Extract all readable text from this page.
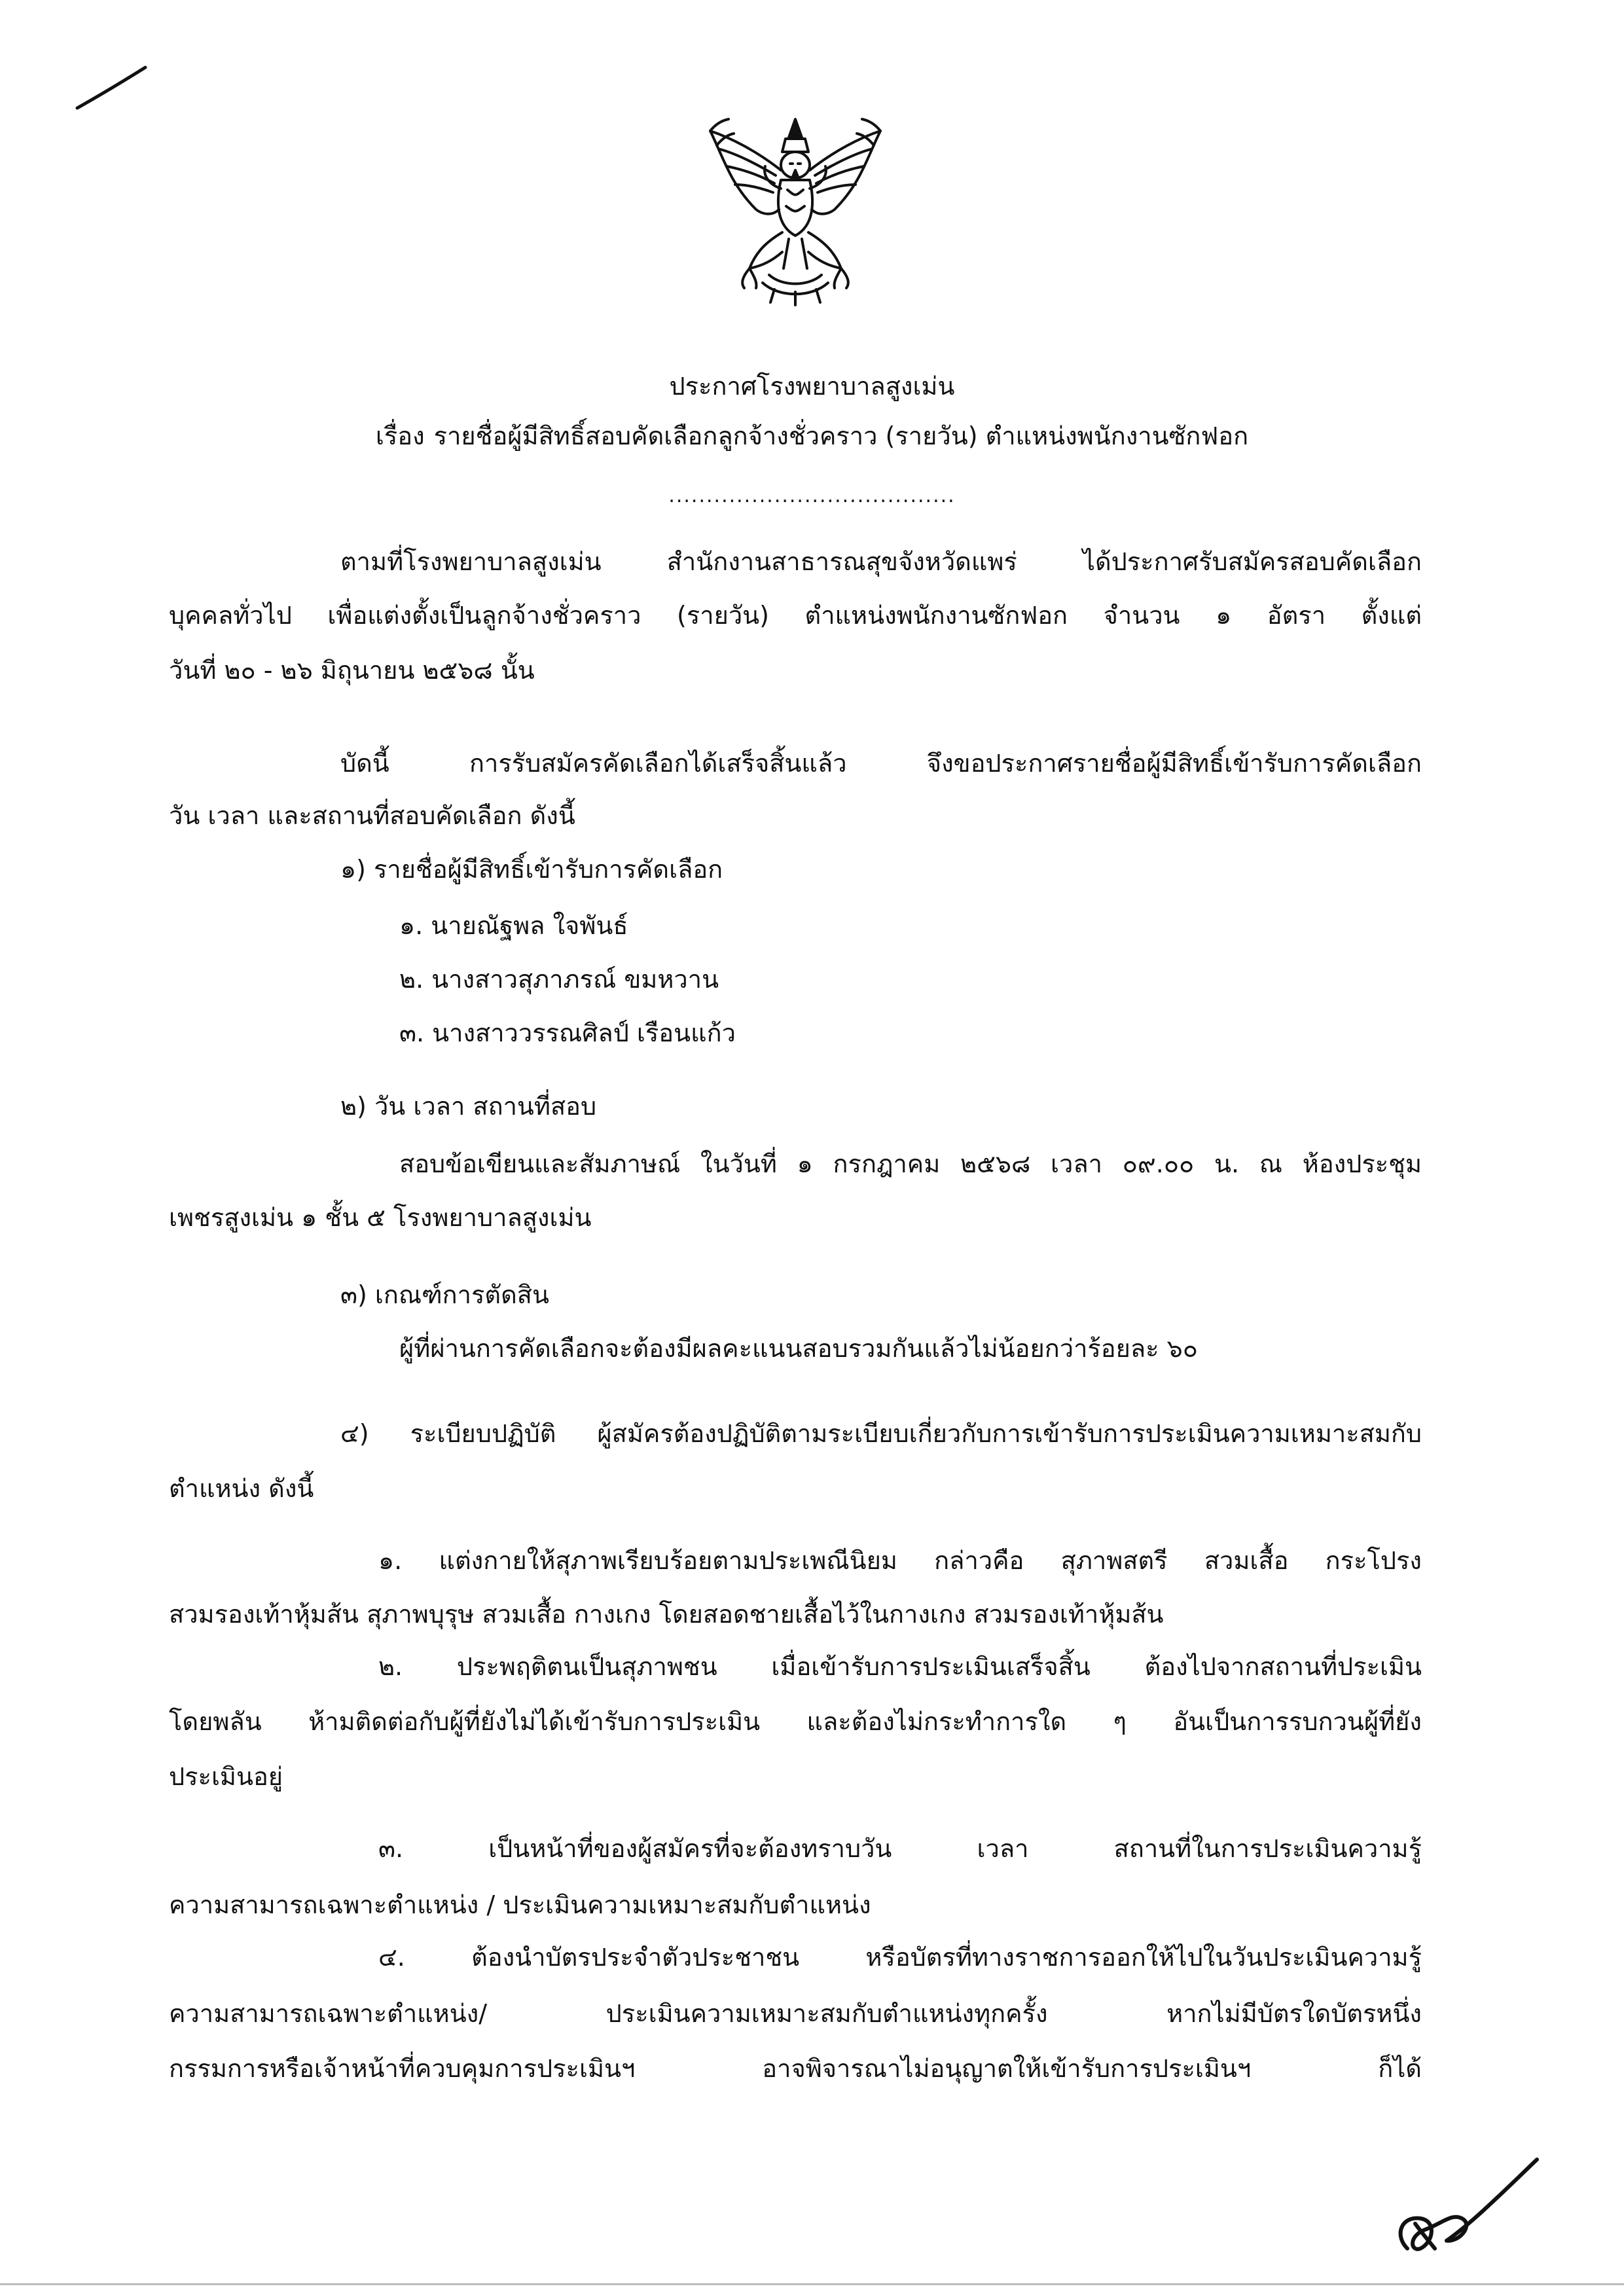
ประกาศโรงพยาบาลสูงเม่น
เรื่อง รายชื่อผู้มีสิทธิ์สอบคัดเลือกลูกจ้างชั่วคราว (รายวัน) ตำแหน่งพนักงานซักฟอก
......................................
ตามที่โรงพยาบาลสูงเม่น สำนักงานสาธารณสุขจังหวัดแพร่ ได้ประกาศรับสมัครสอบคัดเลือก
บุคคลทั่วไป เพื่อแต่งตั้งเป็นลูกจ้างชั่วคราว (รายวัน) ตำแหน่งพนักงานซักฟอก จำนวน ๑ อัตรา ตั้งแต่
วันที่ ๒๐ - ๒๖ มิถุนายน ๒๕๖๘ นั้น
บัดนี้ การรับสมัครคัดเลือกได้เสร็จสิ้นแล้ว จึงขอประกาศรายชื่อผู้มีสิทธิ์เข้ารับการคัดเลือก
วัน เวลา และสถานที่สอบคัดเลือก ดังนี้
๑) รายชื่อผู้มีสิทธิ์เข้ารับการคัดเลือก
๑. นายณัฐพล ใจพันธ์
๒. นางสาวสุภาภรณ์ ขมหวาน
๓. นางสาววรรณศิลป์ เรือนแก้ว
๒) วัน เวลา สถานที่สอบ
สอบข้อเขียนและสัมภาษณ์ ในวันที่ ๑ กรกฎาคม ๒๕๖๘ เวลา ๐๙.๐๐ น. ณ ห้องประชุม
เพชรสูงเม่น ๑ ชั้น ๕ โรงพยาบาลสูงเม่น
๓) เกณฑ์การตัดสิน
ผู้ที่ผ่านการคัดเลือกจะต้องมีผลคะแนนสอบรวมกันแล้วไม่น้อยกว่าร้อยละ ๖๐
๔) ระเบียบปฏิบัติ ผู้สมัครต้องปฏิบัติตามระเบียบเกี่ยวกับการเข้ารับการประเมินความเหมาะสมกับ
ตำแหน่ง ดังนี้
๑. แต่งกายให้สุภาพเรียบร้อยตามประเพณีนิยม กล่าวคือ สุภาพสตรี สวมเสื้อ กระโปรง
สวมรองเท้าหุ้มส้น สุภาพบุรุษ สวมเสื้อ กางเกง โดยสอดชายเสื้อไว้ในกางเกง สวมรองเท้าหุ้มส้น
๒. ประพฤติตนเป็นสุภาพชน เมื่อเข้ารับการประเมินเสร็จสิ้น ต้องไปจากสถานที่ประเมิน
โดยพลัน ห้ามติดต่อกับผู้ที่ยังไม่ได้เข้ารับการประเมิน และต้องไม่กระทำการใด ๆ อันเป็นการรบกวนผู้ที่ยัง
ประเมินอยู่
๓. เป็นหน้าที่ของผู้สมัครที่จะต้องทราบวัน เวลา สถานที่ในการประเมินความรู้
ความสามารถเฉพาะตำแหน่ง / ประเมินความเหมาะสมกับตำแหน่ง
๔. ต้องนำบัตรประจำตัวประชาชน หรือบัตรที่ทางราชการออกให้ไปในวันประเมินความรู้
ความสามารถเฉพาะตำแหน่ง/ ประเมินความเหมาะสมกับตำแหน่งทุกครั้ง หากไม่มีบัตรใดบัตรหนึ่ง
กรรมการหรือเจ้าหน้าที่ควบคุมการประเมินฯ อาจพิจารณาไม่อนุญาตให้เข้ารับการประเมินฯ ก็ได้
